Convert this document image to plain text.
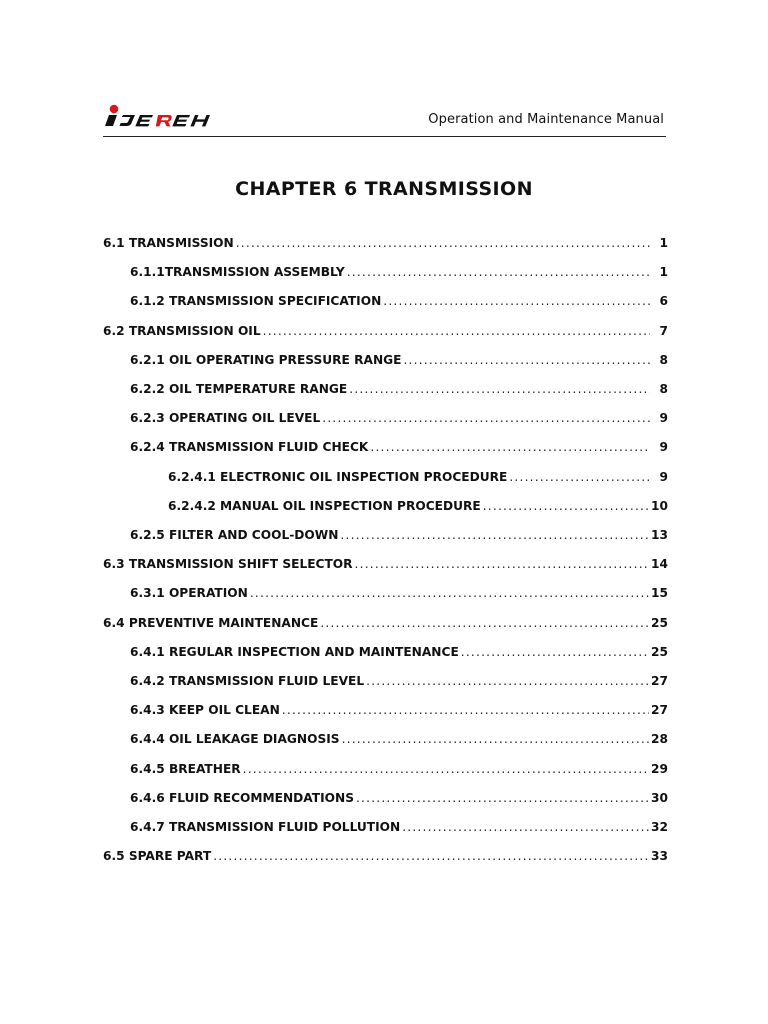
Operation and Maintenance Manual
CHAPTER 6 TRANSMISSION
6.1 TRANSMISSION .....	1
6.1.1TRANSMISSION ASSEMBLY .....	1
6.1.2 TRANSMISSION SPECIFICATION .....	6
6.2 TRANSMISSION OIL .....	7
6.2.1 OIL OPERATING PRESSURE RANGE .....	8
6.2.2 OIL TEMPERATURE RANGE .....	8
6.2.3 OPERATING OIL LEVEL .....	9
6.2.4 TRANSMISSION FLUID CHECK .....	9
6.2.4.1 ELECTRONIC OIL INSPECTION PROCEDURE .....	9
6.2.4.2 MANUAL OIL INSPECTION PROCEDURE .....	10
6.2.5 FILTER AND COOL-DOWN .....	13
6.3 TRANSMISSION SHIFT SELECTOR .....	14
6.3.1 OPERATION .....	15
6.4 PREVENTIVE MAINTENANCE .....	25
6.4.1 REGULAR INSPECTION AND MAINTENANCE .....	25
6.4.2 TRANSMISSION FLUID LEVEL .....	27
6.4.3 KEEP OIL CLEAN .....	27
6.4.4 OIL LEAKAGE DIAGNOSIS .....	28
6.4.5 BREATHER .....	29
6.4.6 FLUID RECOMMENDATIONS .....	30
6.4.7 TRANSMISSION FLUID POLLUTION .....	32
6.5 SPARE PART .....	33
